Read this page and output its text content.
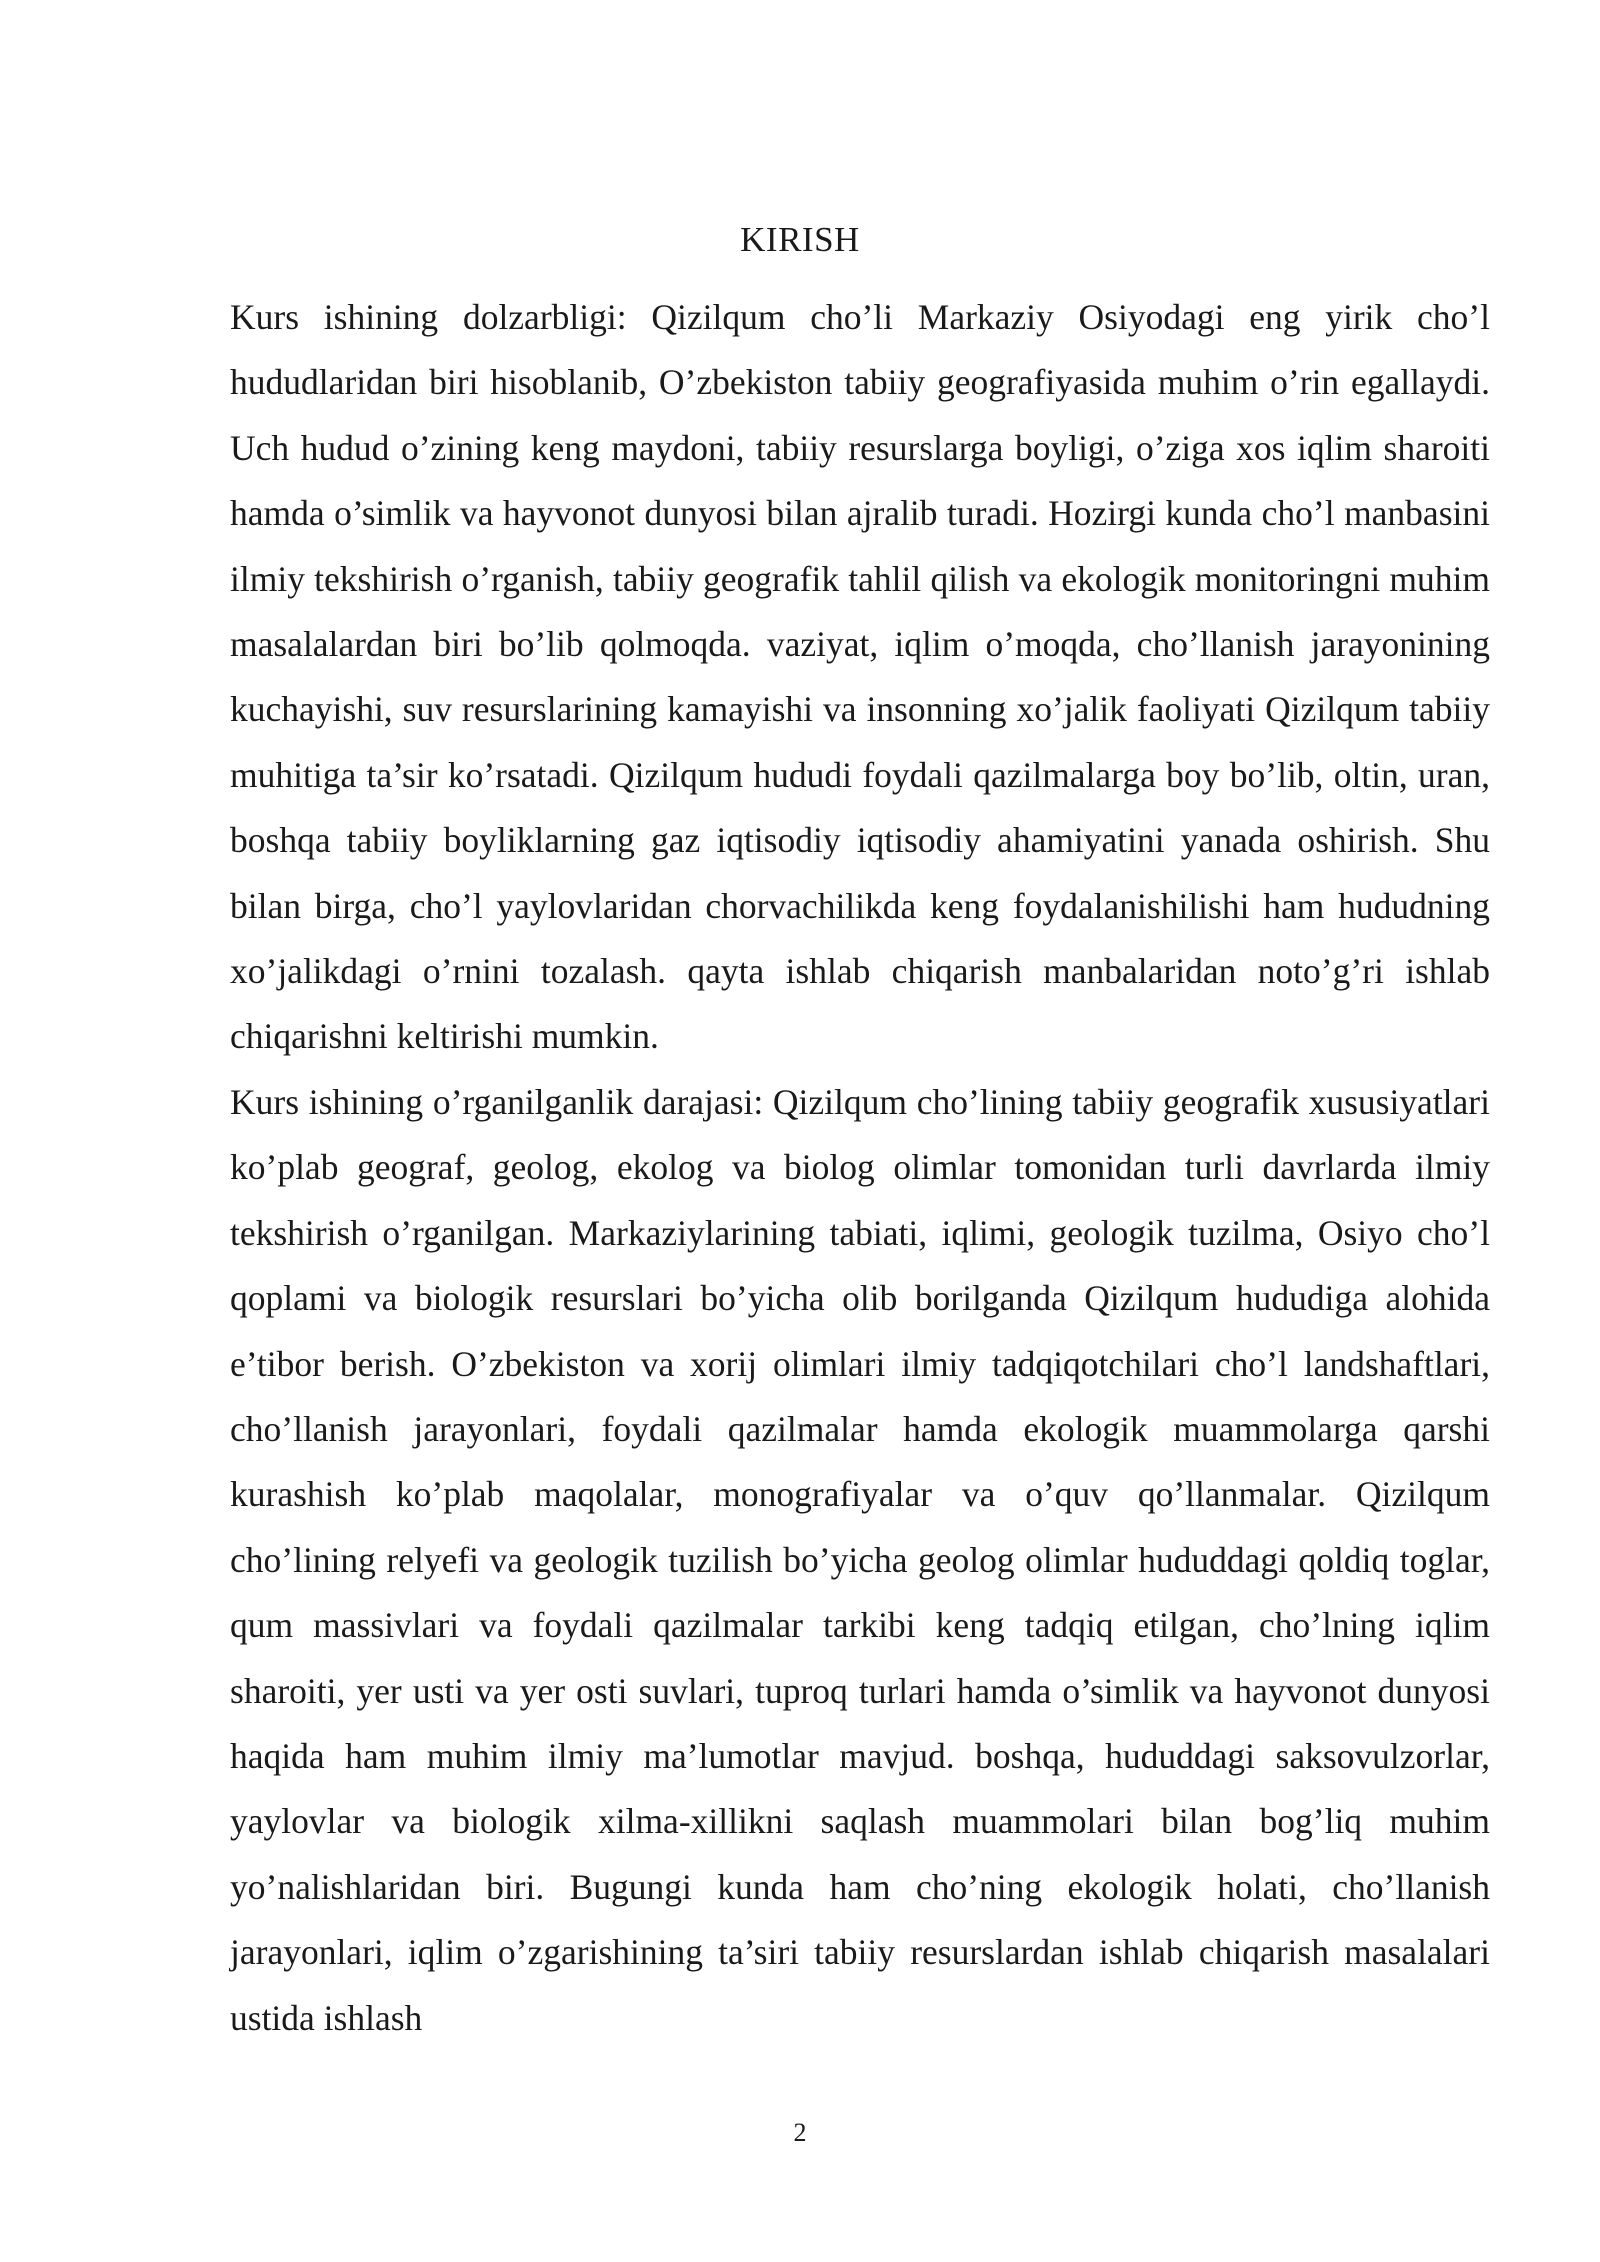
KIRISH

Kurs ishining dolzarbligi: Qizilqum cho’li Markaziy Osiyodagi eng yirik cho’l hududlaridan biri hisoblanib, O’zbekiston tabiiy geografiyasida muhim o’rin egallaydi. Uch hudud o’zining keng maydoni, tabiiy resurslarga boyligi, o’ziga xos iqlim sharoiti hamda o’simlik va hayvonot dunyosi bilan ajralib turadi. Hozirgi kunda cho’l manbasini ilmiy tekshirish o’rganish, tabiiy geografik tahlil qilish va ekologik monitoringni muhim masalalardan biri bo’lib qolmoqda. vaziyat, iqlim o’moqda, cho’llanish jarayonining kuchayishi, suv resurslarining kamayishi va insonning xo’jalik faoliyati Qizilqum tabiiy muhitiga ta’sir ko’rsatadi. Qizilqum hududi foydali qazilmalarga boy bo’lib, oltin, uran, boshqa tabiiy boyliklarning gaz iqtisodiy iqtisodiy ahamiyatini yanada oshirish. Shu bilan birga, cho’l yaylovlaridan chorvachilikda keng foydalanishilishi ham hududning xo’jalikdagi o’rnini tozalash. qayta ishlab chiqarish manbalaridan noto’g’ri ishlab chiqarishni keltirishi mumkin.

Kurs ishining o’rganilganlik darajasi: Qizilqum cho’lining tabiiy geografik xususiyatlari ko’plab geograf, geolog, ekolog va biolog olimlar tomonidan turli davrlarda ilmiy tekshirish o’rganilgan. Markaziylarining tabiati, iqlimi, geologik tuzilma, Osiyo cho’l qoplami va biologik resurslari bo’yicha olib borilganda Qizilqum hududiga alohida e’tibor berish. O’zbekiston va xorij olimlari ilmiy tadqiqotchilari cho’l landshaftlari, cho’llanish jarayonlari, foydali qazilmalar hamda ekologik muammolarga qarshi kurashish ko’plab maqolalar, monografiyalar va o’quv qo’llanmalar. Qizilqum cho’lining relyefi va geologik tuzilish bo’yicha geolog olimlar hududdagi qoldiq toglar, qum massivlari va foydali qazilmalar tarkibi keng tadqiq etilgan, cho’lning iqlim sharoiti, yer usti va yer osti suvlari, tuproq turlari hamda o’simlik va hayvonot dunyosi haqida ham muhim ilmiy ma’lumotlar mavjud. boshqa, hududdagi saksovulzorlar, yaylovlar va biologik xilma-xillikni saqlash muammolari bilan bog’liq muhim yo’nalishlaridan biri. Bugungi kunda ham cho’ning ekologik holati, cho’llanish jarayonlari, iqlim o’zgarishining ta’siri tabiiy resurslardan ishlab chiqarish masalalari ustida ishlash

2
